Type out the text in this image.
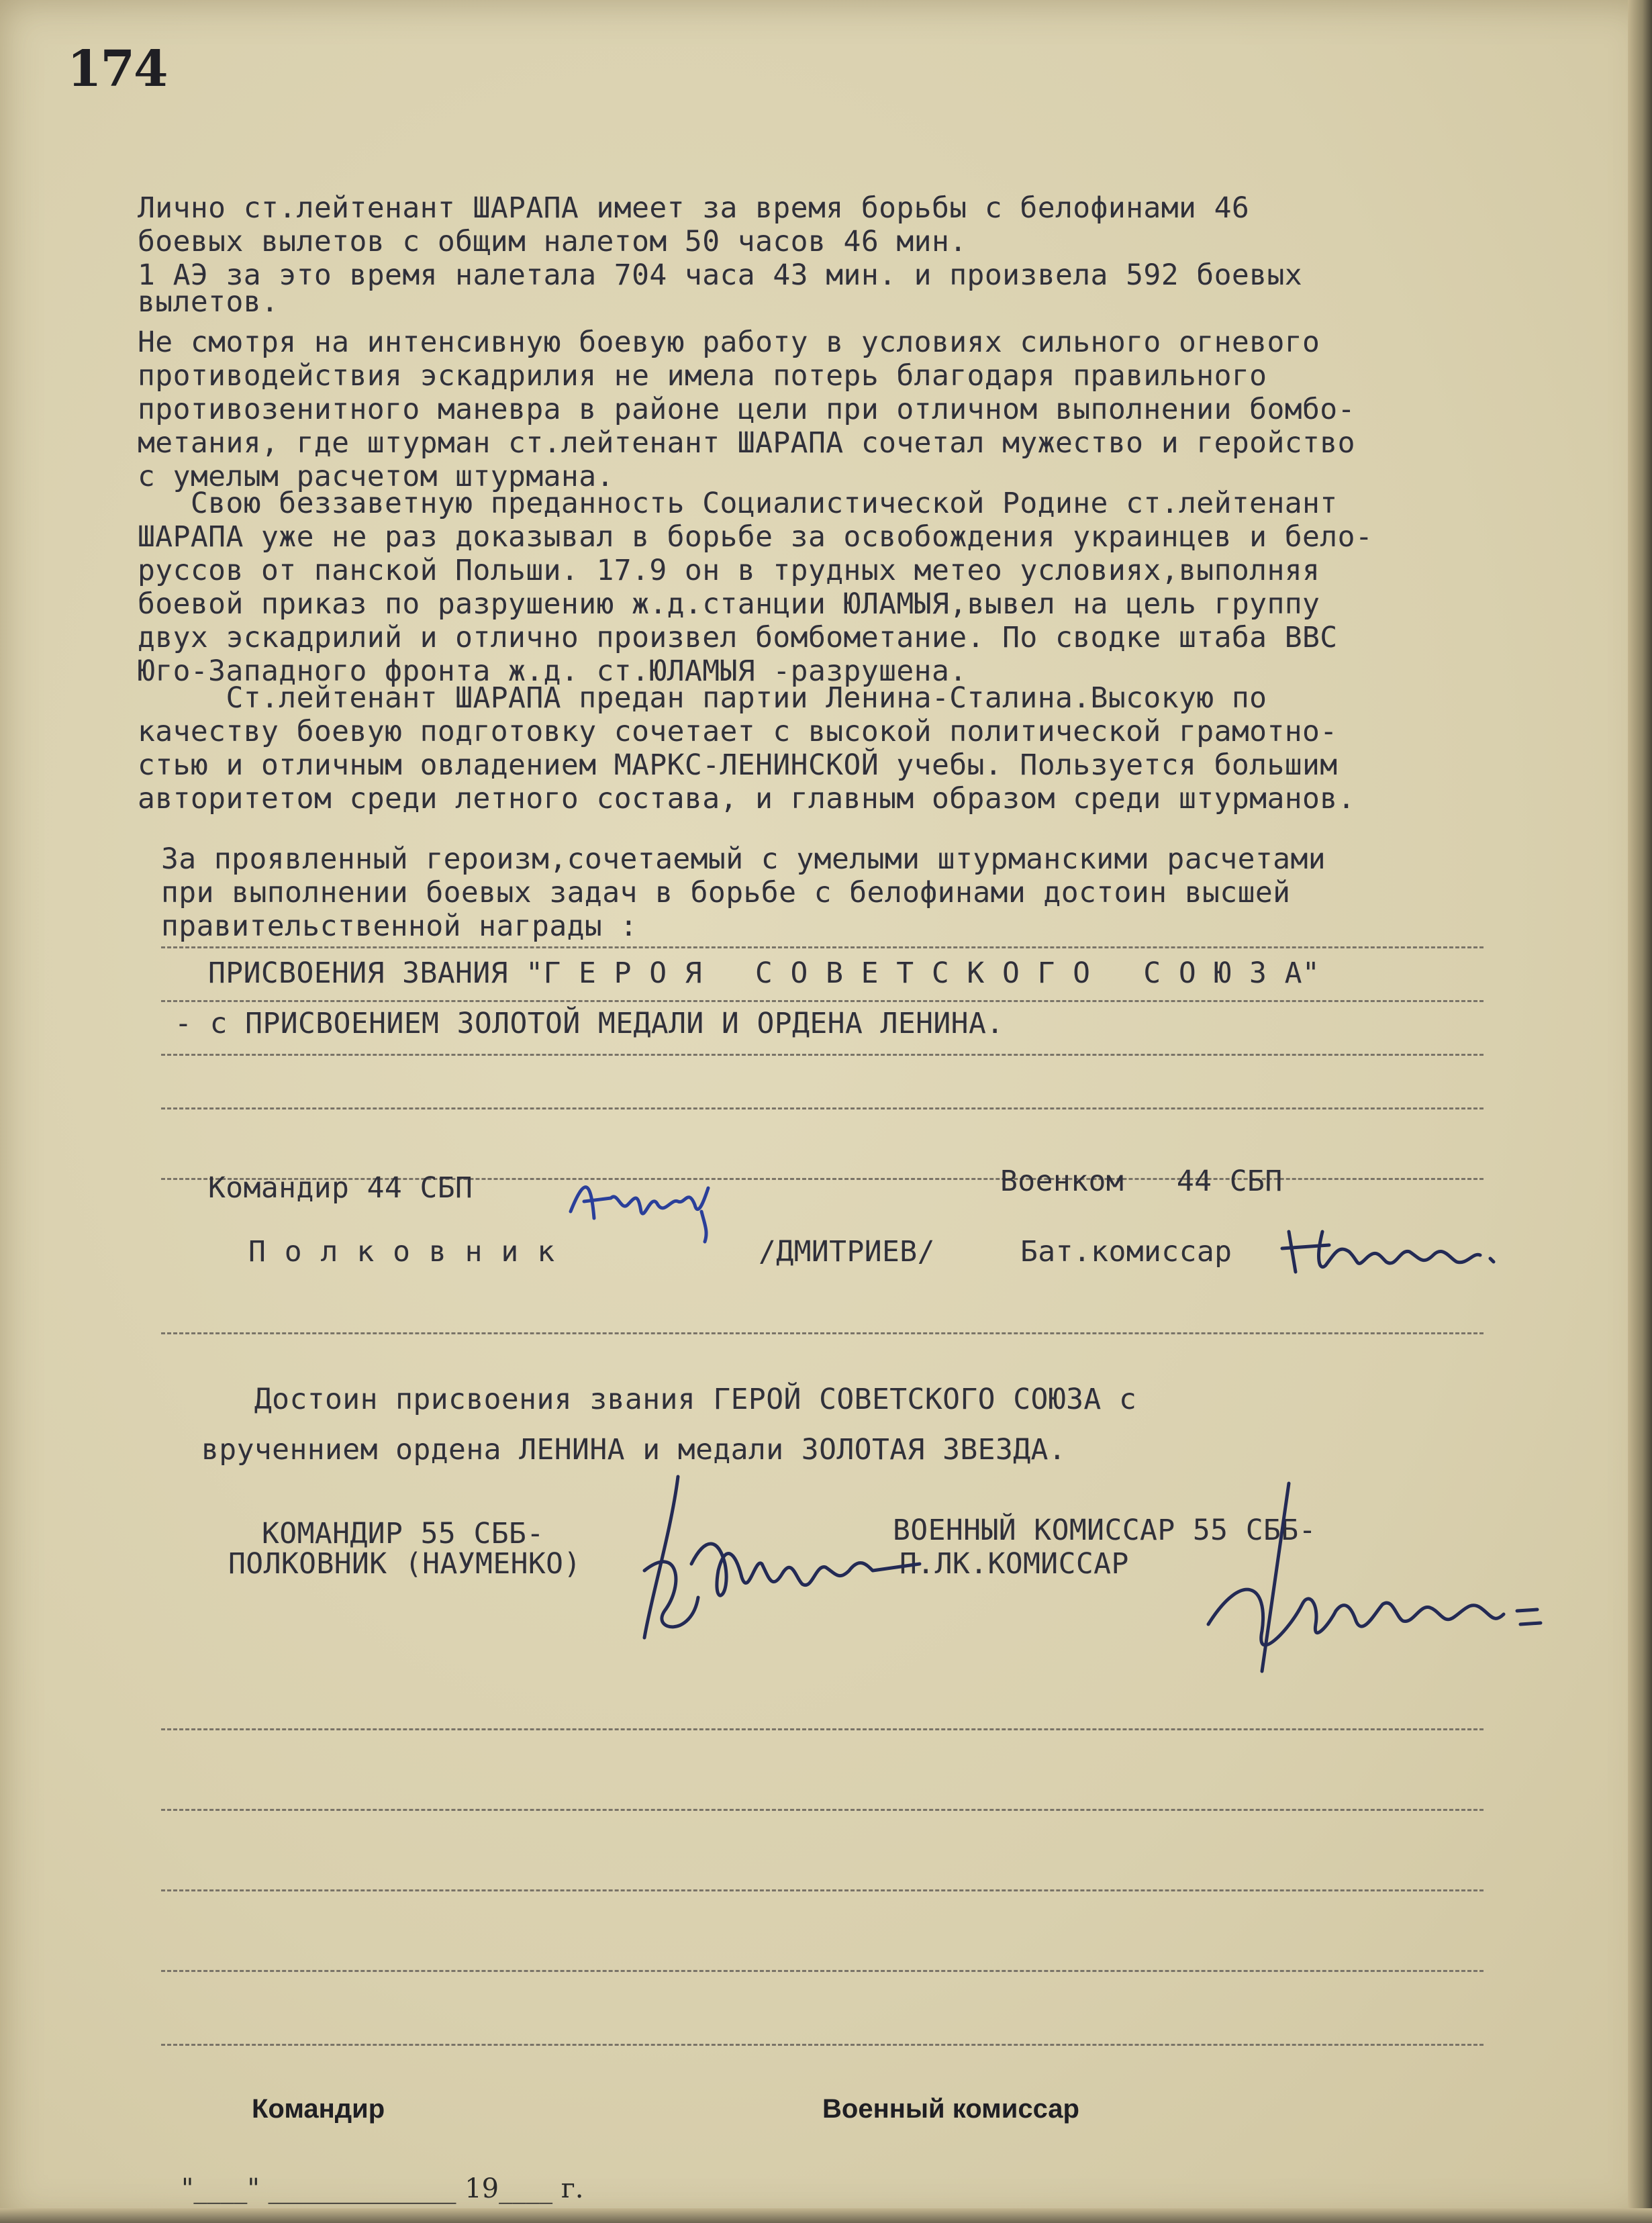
174
Лично ст.лейтенант ШАРАПА имеет за время борьбы с белофинами 46
боевых вылетов с общим налетом 50 часов 46 мин.
1 АЭ за это время налетала 704 часа 43 мин. и произвела 592 боевых
вылетов.
Не смотря на интенсивную боевую работу в условиях сильного огневого
противодействия эскадрилия не имела потерь благодаря правильного
противозенитного маневра в районе цели при отличном выполнении бомбо-
метания, где штурман ст.лейтенант ШАРАПА сочетал мужество и геройство
с умелым расчетом штурмана.
Свою беззаветную преданность Социалистической Родине ст.лейтенант
ШАРАПА уже не раз доказывал в борьбе за освобождения украинцев и бело-
руссов от панской Польши. 17.9 он в трудных метео условиях,выполняя
боевой приказ по разрушению ж.д.станции ЮЛАМЫЯ,вывел на цель группу
двух эскадрилий и отлично произвел бомбометание. По сводке штаба ВВС
Юго-Западного фронта ж.д. ст.ЮЛАМЫЯ -разрушена.
Ст.лейтенант ШАРАПА предан партии Ленина-Сталина.Высокую по
качеству боевую подготовку сочетает с высокой политической грамотно-
стью и отличным овладением МАРКС-ЛЕНИНСКОЙ учебы. Пользуется большим
авторитетом среди летного состава, и главным образом среди штурманов.
За проявленный героизм,сочетаемый с умелыми штурманскими расчетами
при выполнении боевых задач в борьбе с белофинами достоин высшей
правительственной награды :
ПРИСВОЕНИЯ ЗВАНИЯ "Г Е Р О Я   С О В Е Т С К О Г О   С О Ю З А"
- с ПРИСВОЕНИЕМ ЗОЛОТОЙ МЕДАЛИ И ОРДЕНА ЛЕНИНА.
Командир 44 СБП	Военком   44 СБП
П о л к о в н и к	/ДМИТРИЕВ/	Бат.комиссар
Достоин присвоения звания ГЕРОЙ СОВЕТСКОГО СОЮЗА с
врученнием ордена ЛЕНИНА и медали ЗОЛОТАЯ ЗВЕЗДА.
КОМАНДИР 55 СББ-
ПОЛКОВНИК (НАУМЕНКО)
ВОЕННЫЙ КОМИССАР 55 СББ-
П.ЛК.КОМИССАР
Командир	Военный комиссар
"____" ______________ 19____ г.
